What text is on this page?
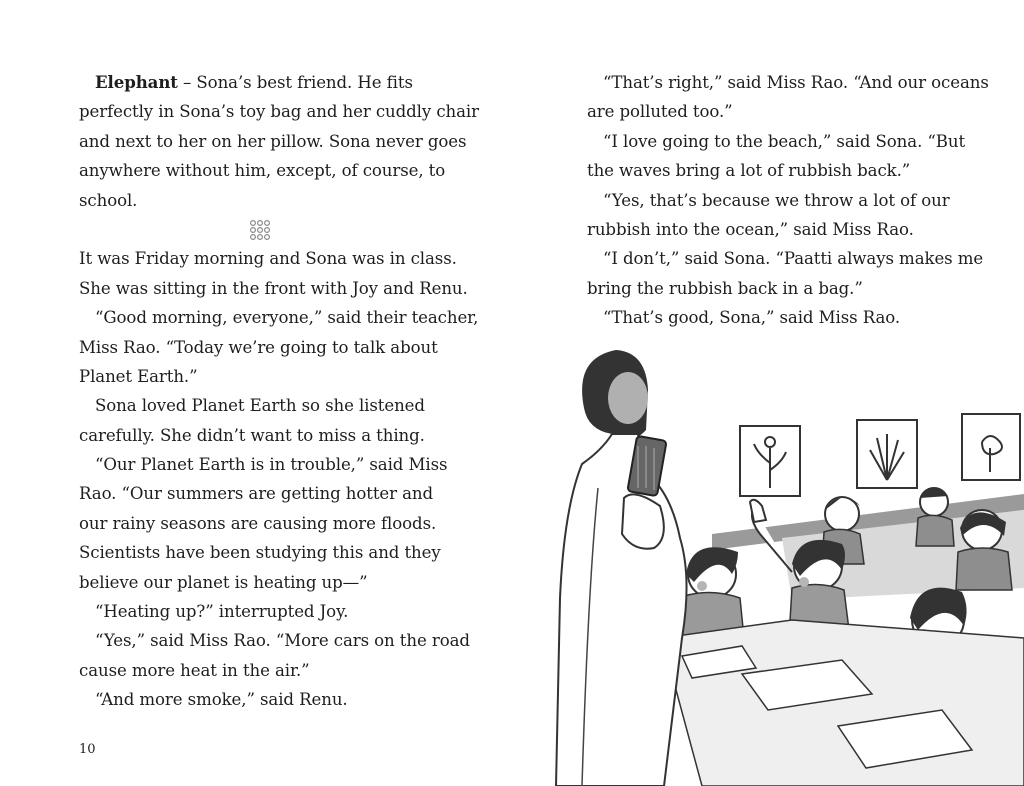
Elephant – Sona’s best friend. He fits
perfectly in Sona’s toy bag and her cuddly chair
and next to her on her pillow. Sona never goes
anywhere without him, except, of course, to
school.
It was Friday morning and Sona was in class.
She was sitting in the front with Joy and Renu.
“Good morning, everyone,” said their teacher,
Miss Rao. “Today we’re going to talk about
Planet Earth.”
Sona loved Planet Earth so she listened
carefully. She didn’t want to miss a thing.
“Our Planet Earth is in trouble,” said Miss
Rao. “Our summers are getting hotter and
our rainy seasons are causing more floods.
Scientists have been studying this and they
believe our planet is heating up—”
“Heating up?” interrupted Joy.
“Yes,” said Miss Rao. “More cars on the road
cause more heat in the air.”
“And more smoke,” said Renu.
10
“That’s right,” said Miss Rao. “And our oceans
are polluted too.”
“I love going to the beach,” said Sona. “But
the waves bring a lot of rubbish back.”
“Yes, that’s because we throw a lot of our
rubbish into the ocean,” said Miss Rao.
“I don’t,” said Sona. “Paatti always makes me
bring the rubbish back in a bag.”
“That’s good, Sona,” said Miss Rao.
